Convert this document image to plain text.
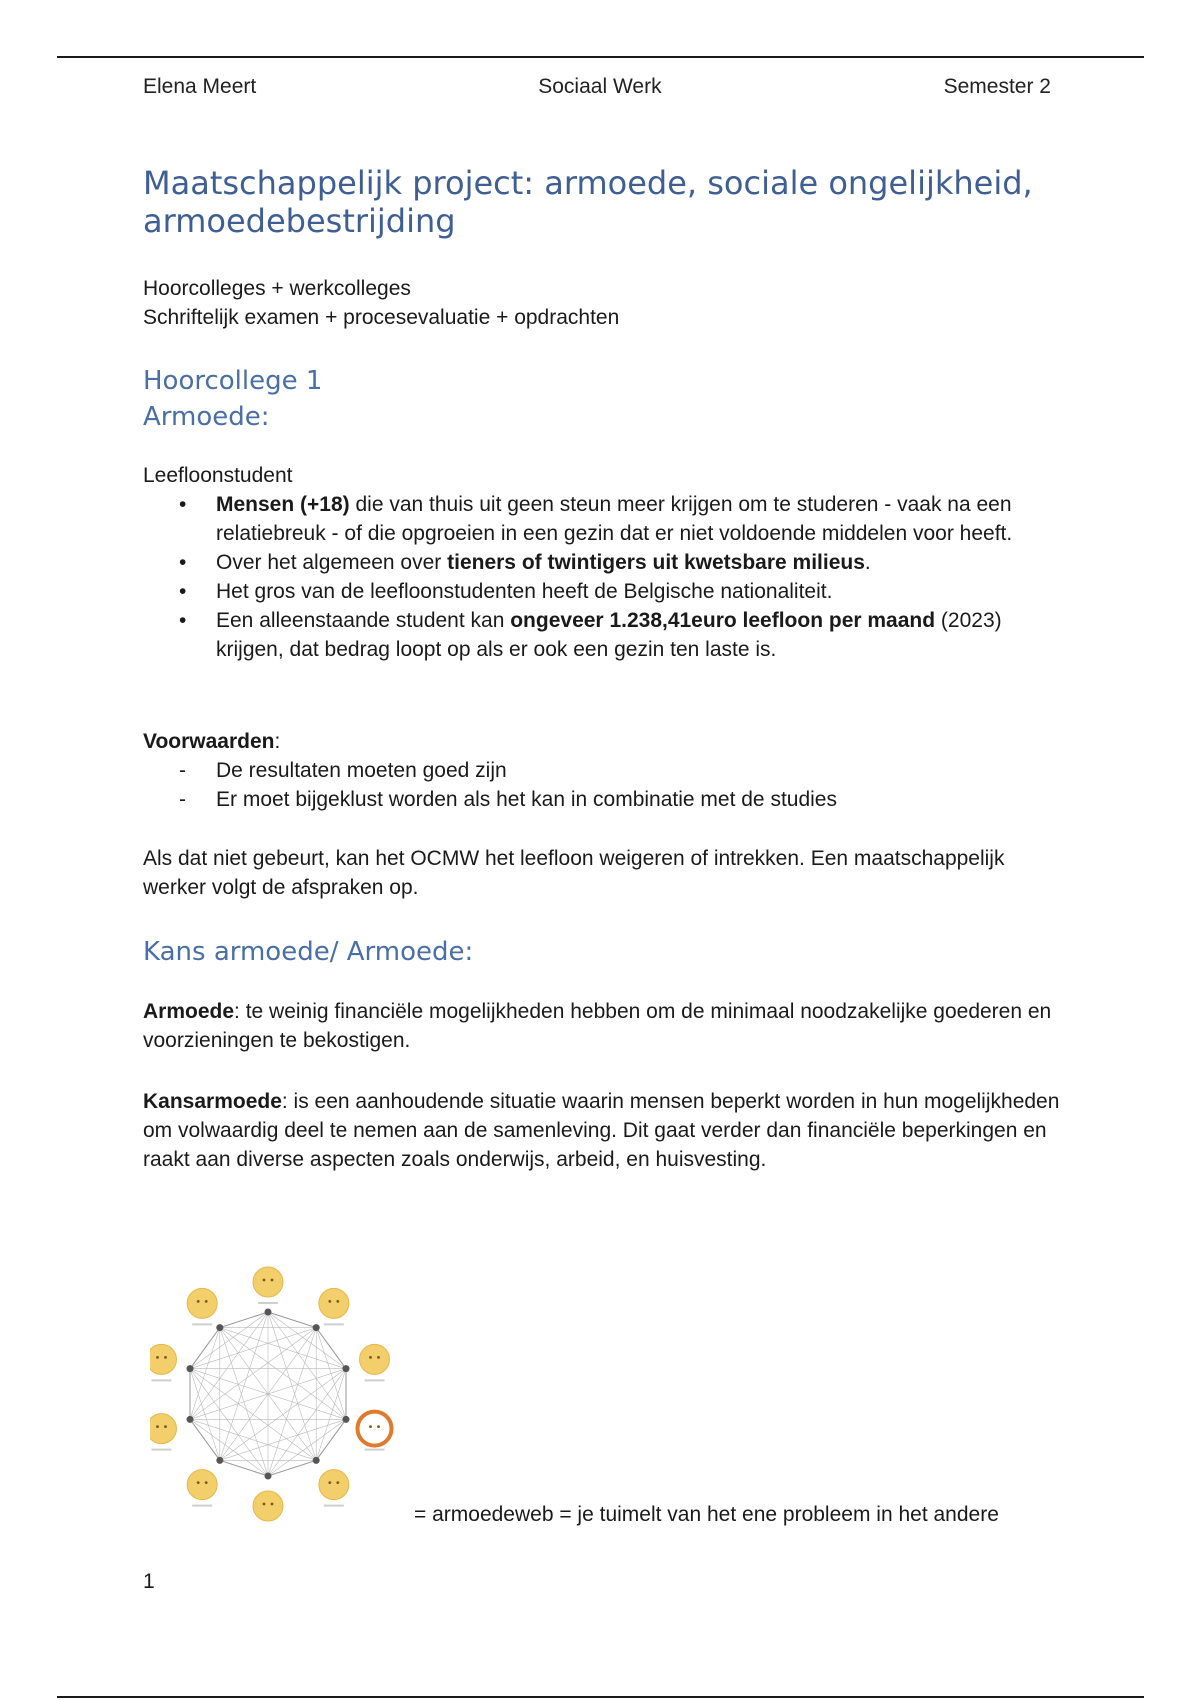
Elena Meert	Sociaal Werk	Semester 2
Maatschappelijk project: armoede, sociale ongelijkheid, armoedebestrijding
Hoorcolleges + werkcolleges
Schriftelijk examen + procesevaluatie + opdrachten
Hoorcollege 1
Armoede:
Leefloonstudent
• Mensen (+18) die van thuis uit geen steun meer krijgen om te studeren - vaak na een relatiebreuk - of die opgroeien in een gezin dat er niet voldoende middelen voor heeft.
• Over het algemeen over tieners of twintigers uit kwetsbare milieus.
• Het gros van de leefloonstudenten heeft de Belgische nationaliteit.
• Een alleenstaande student kan ongeveer 1.238,41euro leefloon per maand (2023) krijgen, dat bedrag loopt op als er ook een gezin ten laste is.
Voorwaarden:
- De resultaten moeten goed zijn
- Er moet bijgeklust worden als het kan in combinatie met de studies
Als dat niet gebeurt, kan het OCMW het leefloon weigeren of intrekken. Een maatschappelijk werker volgt de afspraken op.
Kans armoede/ Armoede:
Armoede: te weinig financiële mogelijkheden hebben om de minimaal noodzakelijke goederen en voorzieningen te bekostigen.
Kansarmoede: is een aanhoudende situatie waarin mensen beperkt worden in hun mogelijkheden om volwaardig deel te nemen aan de samenleving. Dit gaat verder dan financiële beperkingen en raakt aan diverse aspecten zoals onderwijs, arbeid, en huisvesting.
= armoedeweb = je tuimelt van het ene probleem in het andere
1
